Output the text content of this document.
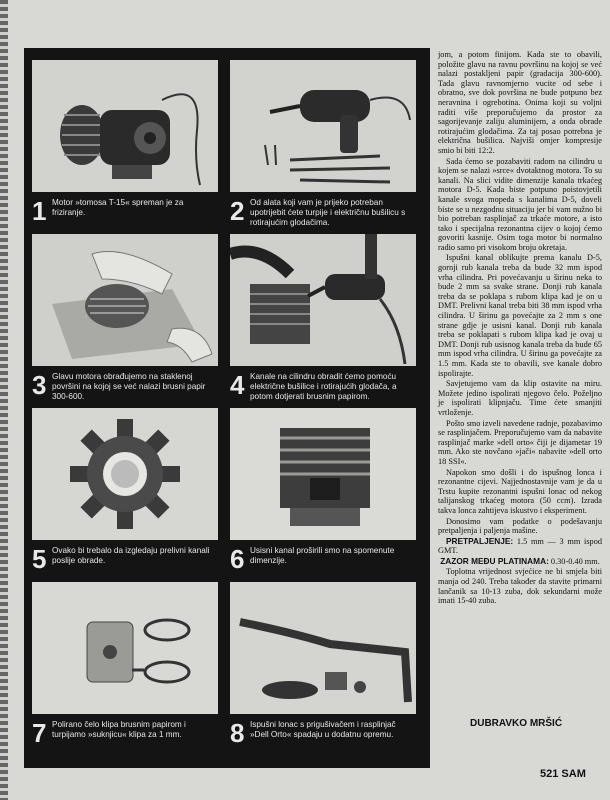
1 Motor »tomosa T-15« spreman je za friziranje.	2 Od alata koji vam je prijeko potreban upotrijebit ćete turpije i električnu bušilicu s rotirajućim glodačima.
3 Glavu motora obrađujemo na staklenoj površini na kojoj se već nalazi brusni papir 300-600.	4 Kanale na cilindru obradit ćemo pomoću električne bušilice i rotirajućih glodača, a potom dotjerati brusnim papirom.
5 Ovako bi trebalo da izgledaju prelivni kanali poslije obrade.	6 Usisni kanal proširili smo na spomenute dimenzije.
7 Polirano čelo klipa brusnim papirom i turpijamo »suknjicu« klipa za 1 mm.	8 Ispušni lonac s prigušivačem i rasplinjač »Dell Orto« spadaju u dodatnu opremu.

jom, a potom finijom. Kada ste to obavili, položite glavu na ravnu površinu na kojoj se već nalazi postakljeni papir (gradacija 300-600). Tada glavu ravnomjerno vucite od sebe i obratno, sve dok površina ne bude potpuno bez neravnina i ogrebotina. Onima koji su voljni raditi više preporučujemo da prostor za sagorijevanje zaliju aluminijem, a onda obrade rotirajućim glodačima. Za taj posao potrebna je električna bušilica. Najviši omjer kompresije smio bi biti 12:2.

Sada ćemo se pozabaviti radom na cilindru u kojem se nalazi »srce« dvotaktnog motora. To su kanali. Na slici vidite dimenzije kanala trkaćeg motora D-5. Kada biste potpuno poistovjetili kanale svoga mopeda s kanalima D-5, doveli biste se u nezgodnu situaciju jer bi vam nužno bi bio potreban rasplinjač za trkaće motore, a isto tako i specijalna rezonantna cijev o kojoj ćemo govoriti kasnije. Osim toga motor bi normalno radio samo pri visokom broju okretaja.

Ispušni kanal oblikujte prema kanalu D-5, gornji rub kanala treba da bude 32 mm ispod vrha cilindra. Pri povećavanju u širinu neka to bude 2 mm sa svake strane. Donji rub kanala treba da se poklapa s rubom klipa kad je on u DMT. Prelivni kanal treba biti 38 mm ispod vrha cilindra. U širinu ga povećajte za 2 mm s one strane gdje je usisni kanal. Donji rub kanala treba se poklapati s rubom klipa kad je ovaj u DMT. Donji rub usisnog kanala treba da bude 65 mm ispod vrha cilindra. U širinu ga povećajte za 1.5 mm. Kada ste to obavili, sve kanale dobro ispolirajte.

Savjetujemo vam da klip ostavite na miru. Možete jedino ispolirati njegovo čelo. Poželjno je ispolirati klipnjaču. Time ćete smanjiti vrtloženje.

Pošto smo izveli navedene radnje, pozabavimo se rasplinjačem. Preporučujemo vam da nabavite rasplinjač marke »dell orto« čiji je dijametar 19 mm. Ako ste novčano »jači« nabavite »dell orto 18 SSI«.

Napokon smo došli i do ispušnog lonca i rezonantne cijevi. Najjednostavnije vam je da u Trstu kupite rezonantni ispušni lonac od nekog talijanskog trkaćeg motora (50 ccm). Izrada takva lonca zahtijeva iskustvo i eksperiment.

Donosimo vam podatke o podešavanju pretpaljenja i paljenja mašine.

PRETPALJENJE: 1.5 mm — 3 mm ispod GMT.

ZAZOR MEĐU PLATINAMA: 0.30-0.40 mm.

Toplotna vrijednost svjećice ne bi smjela biti manja od 240. Treba također da stavite primarni lančanik sa 10-13 zuba, dok sekundarni može imati 15-40 zuba.

DUBRAVKO MRŠIĆ
521 SAM
